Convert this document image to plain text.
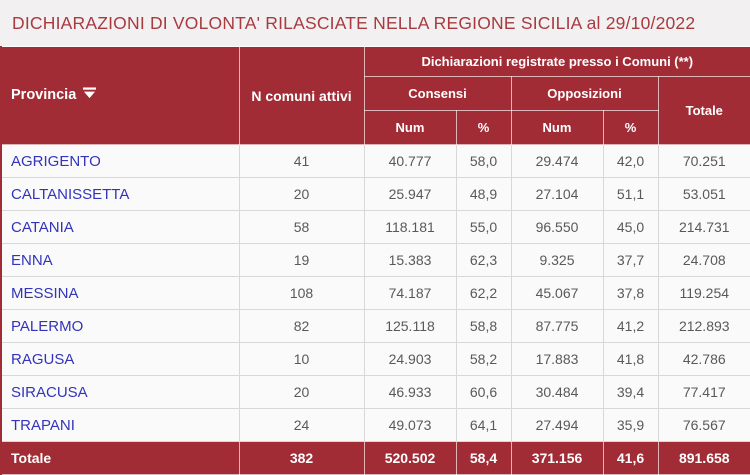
DICHIARAZIONI DI VOLONTA' RILASCIATE NELLA REGIONE SICILIA al 29/10/2022
Provincia	N comuni attivi	Dichiarazioni registrate presso i Comuni (**)				
		Consensi		Opposizioni		Totale
		Num	%	Num	%	
AGRIGENTO	41	40.777	58,0	29.474	42,0	70.251
CALTANISSETTA	20	25.947	48,9	27.104	51,1	53.051
CATANIA	58	118.181	55,0	96.550	45,0	214.731
ENNA	19	15.383	62,3	9.325	37,7	24.708
MESSINA	108	74.187	62,2	45.067	37,8	119.254
PALERMO	82	125.118	58,8	87.775	41,2	212.893
RAGUSA	10	24.903	58,2	17.883	41,8	42.786
SIRACUSA	20	46.933	60,6	30.484	39,4	77.417
TRAPANI	24	49.073	64,1	27.494	35,9	76.567
Totale	382	520.502	58,4	371.156	41,6	891.658
